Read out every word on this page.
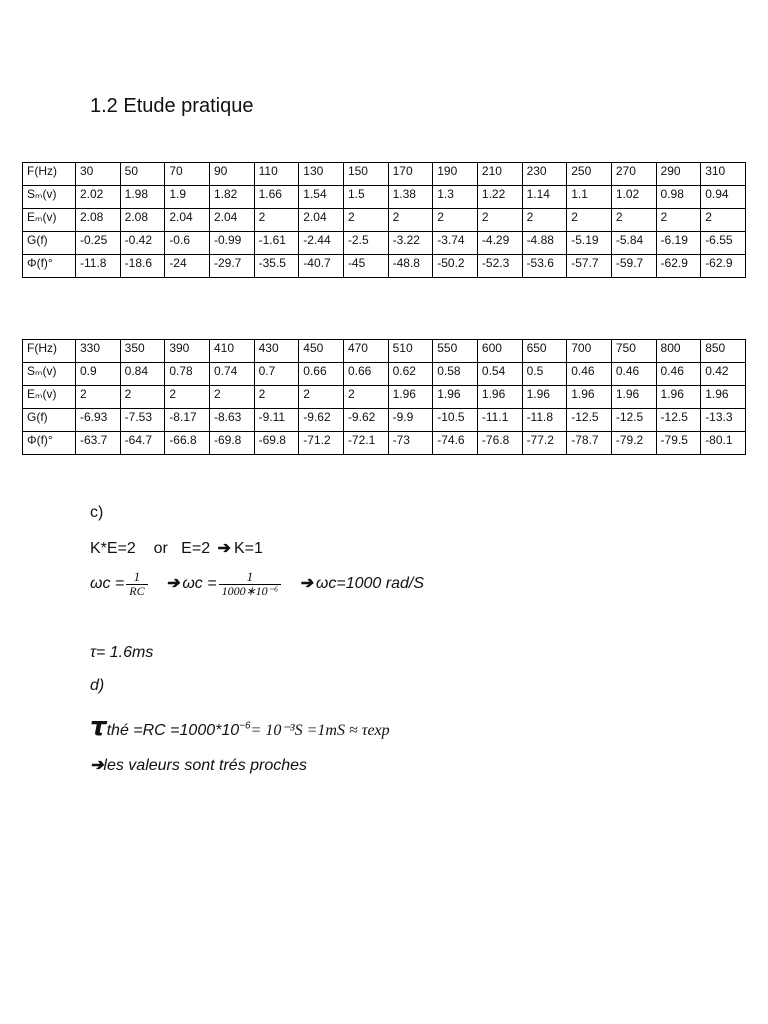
1.2 Etude pratique
F(Hz)	30	50	70	90	110	130	150	170	190	210	230	250	270	290	310
Sₘ(v)	2.02	1.98	1.9	1.82	1.66	1.54	1.5	1.38	1.3	1.22	1.14	1.1	1.02	0.98	0.94
Eₘ(v)	2.08	2.08	2.04	2.04	2	2.04	2	2	2	2	2	2	2	2	2
G(f)	-0.25	-0.42	-0.6	-0.99	-1.61	-2.44	-2.5	-3.22	-3.74	-4.29	-4.88	-5.19	-5.84	-6.19	-6.55
Φ(f)°	-11.8	-18.6	-24	-29.7	-35.5	-40.7	-45	-48.8	-50.2	-52.3	-53.6	-57.7	-59.7	-62.9	-62.9
F(Hz)	330	350	390	410	430	450	470	510	550	600	650	700	750	800	850
Sₘ(v)	0.9	0.84	0.78	0.74	0.7	0.66	0.66	0.62	0.58	0.54	0.5	0.46	0.46	0.46	0.42
Eₘ(v)	2	2	2	2	2	2	2	1.96	1.96	1.96	1.96	1.96	1.96	1.96	1.96
G(f)	-6.93	-7.53	-8.17	-8.63	-9.11	-9.62	-9.62	-9.9	-10.5	-11.1	-11.8	-12.5	-12.5	-12.5	-13.3
Φ(f)°	-63.7	-64.7	-66.8	-69.8	-69.8	-71.2	-72.1	-73	-74.6	-76.8	-77.2	-78.7	-79.2	-79.5	-80.1
c)
K*E=2 or E=2 ➔ K=1
$\omega c = \frac{1}{RC}$ ➔ $\omega c = \frac{1}{\text{1000∗10⁻⁶}}$ ➔ ωc=1000 rad/S
τ= 1.6ms
d)
τthé $=RC =1000*10^{-6}= 10^{-3}S =1mS \approx \tau\exp$
➔les valeurs sont trés proches
